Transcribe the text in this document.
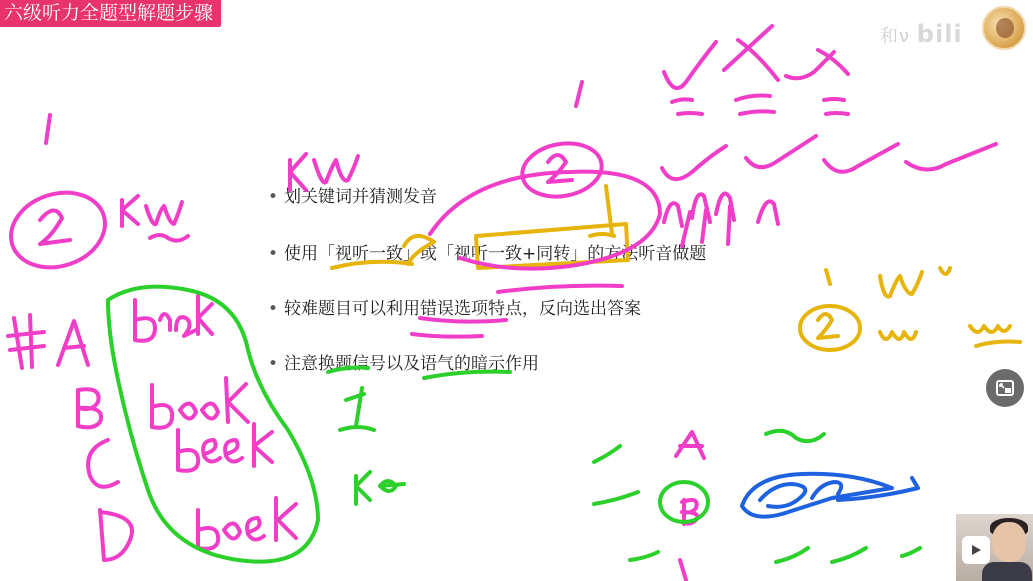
六级听力全题型解题步骤
和ν bili
• 划关键词并猜测发音
• 使用「视听一致」或「视听一致+同转」的方法听音做题
• 较难题目可以利用错误选项特点，反向选出答案
• 注意换题信号以及语气的暗示作用
